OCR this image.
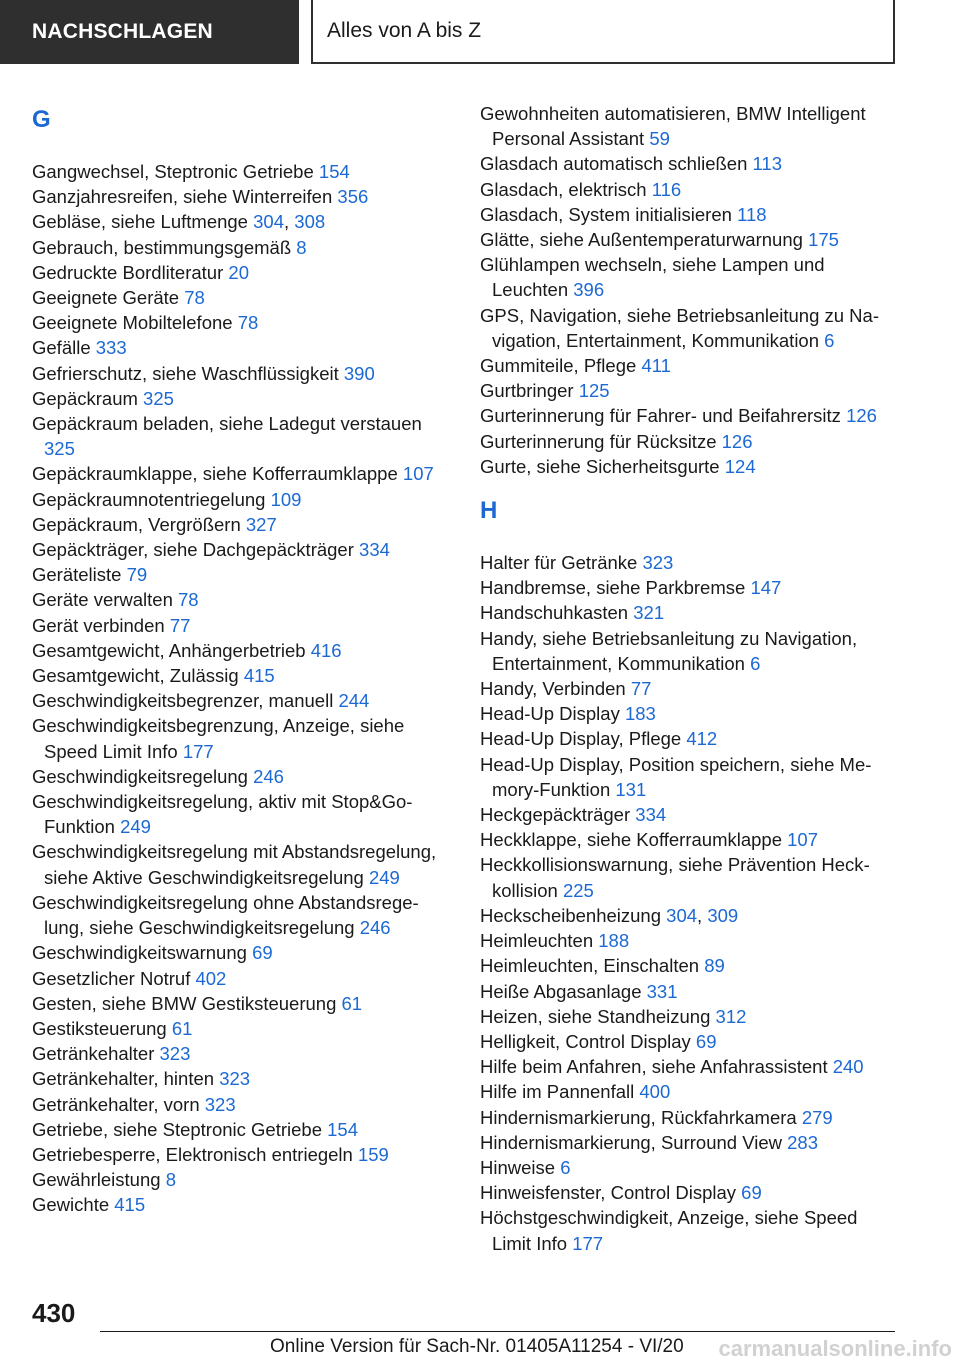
NACHSCHLAGEN	Alles von A bis Z
G
Gangwechsel, Steptronic Getriebe 154
Ganzjahresreifen, siehe Winterreifen 356
Gebläse, siehe Luftmenge 304, 308
Gebrauch, bestimmungsgemäß 8
Gedruckte Bordliteratur 20
Geeignete Geräte 78
Geeignete Mobiltelefone 78
Gefälle 333
Gefrierschutz, siehe Waschflüssigkeit 390
Gepäckraum 325
Gepäckraum beladen, siehe Ladegut verstauen 325
Gepäckraumklappe, siehe Kofferraumklappe 107
Gepäckraumnotentriegelung 109
Gepäckraum, Vergrößern 327
Gepäckträger, siehe Dachgepäckträger 334
Geräteliste 79
Geräte verwalten 78
Gerät verbinden 77
Gesamtgewicht, Anhängerbetrieb 416
Gesamtgewicht, Zulässig 415
Geschwindigkeitsbegrenzer, manuell 244
Geschwindigkeitsbegrenzung, Anzeige, siehe Speed Limit Info 177
Geschwindigkeitsregelung 246
Geschwindigkeitsregelung, aktiv mit Stop&Go-Funktion 249
Geschwindigkeitsregelung mit Abstandsregelung, siehe Aktive Geschwindigkeitsregelung 249
Geschwindigkeitsregelung ohne Abstandsregelung, siehe Geschwindigkeitsregelung 246
Geschwindigkeitswarnung 69
Gesetzlicher Notruf 402
Gesten, siehe BMW Gestiksteuerung 61
Gestiksteuerung 61
Getränkehalter 323
Getränkehalter, hinten 323
Getränkehalter, vorn 323
Getriebe, siehe Steptronic Getriebe 154
Getriebesperre, Elektronisch entriegeln 159
Gewährleistung 8
Gewichte 415
Gewohnheiten automatisieren, BMW Intelligent Personal Assistant 59
Glasdach automatisch schließen 113
Glasdach, elektrisch 116
Glasdach, System initialisieren 118
Glätte, siehe Außentemperaturwarnung 175
Glühlampen wechseln, siehe Lampen und Leuchten 396
GPS, Navigation, siehe Betriebsanleitung zu Navigation, Entertainment, Kommunikation 6
Gummiteile, Pflege 411
Gurtbringer 125
Gurterinnerung für Fahrer- und Beifahrersitz 126
Gurterinnerung für Rücksitze 126
Gurte, siehe Sicherheitsgurte 124
H
Halter für Getränke 323
Handbremse, siehe Parkbremse 147
Handschuhkasten 321
Handy, siehe Betriebsanleitung zu Navigation, Entertainment, Kommunikation 6
Handy, Verbinden 77
Head-Up Display 183
Head-Up Display, Pflege 412
Head-Up Display, Position speichern, siehe Memory-Funktion 131
Heckgepäckträger 334
Heckklappe, siehe Kofferraumklappe 107
Heckkollisionswarnung, siehe Prävention Heckkollision 225
Heckscheibenheizung 304, 309
Heimleuchten 188
Heimleuchten, Einschalten 89
Heiße Abgasanlage 331
Heizen, siehe Standheizung 312
Helligkeit, Control Display 69
Hilfe beim Anfahren, siehe Anfahrassistent 240
Hilfe im Pannenfall 400
Hindernismarkierung, Rückfahrkamera 279
Hindernismarkierung, Surround View 283
Hinweise 6
Hinweisfenster, Control Display 69
Höchstgeschwindigkeit, Anzeige, siehe Speed Limit Info 177
430
Online Version für Sach-Nr. 01405A11254 - VI/20	carmanualsonline.info
